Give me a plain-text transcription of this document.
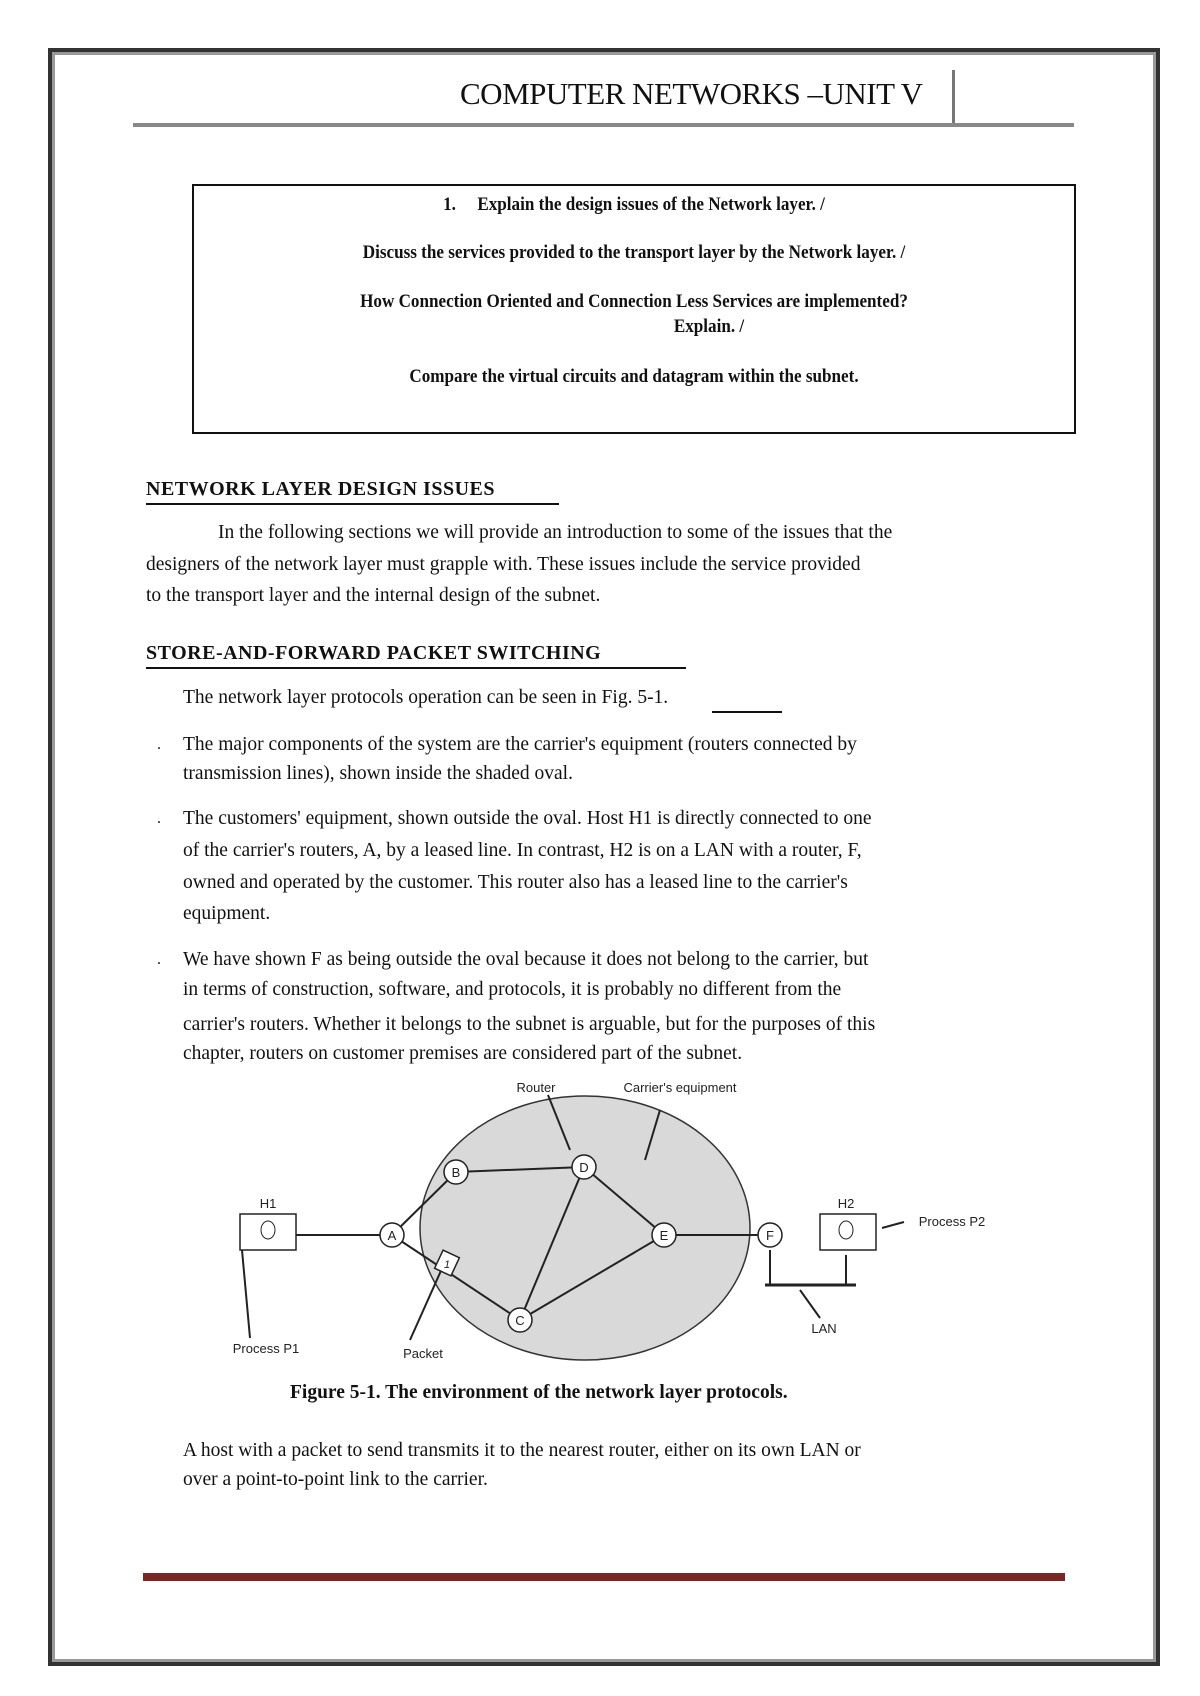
COMPUTER NETWORKS –UNIT V
1. Explain the design issues of the Network layer. /
Discuss the services provided to the transport layer by the Network layer. /
How Connection Oriented and Connection Less Services are implemented?
Explain. /
Compare the virtual circuits and datagram within the subnet.
NETWORK LAYER DESIGN ISSUES
In the following sections we will provide an introduction to some of the issues that the
designers of the network layer must grapple with. These issues include the service provided
to the transport layer and the internal design of the subnet.
STORE-AND-FORWARD PACKET SWITCHING
The network layer protocols operation can be seen in Fig. 5-1.
. The major components of the system are the carrier's equipment (routers connected by
transmission lines), shown inside the shaded oval.
. The customers' equipment, shown outside the oval. Host H1 is directly connected to one
of the carrier's routers, A, by a leased line. In contrast, H2 is on a LAN with a router, F,
owned and operated by the customer. This router also has a leased line to the carrier's
equipment.
. We have shown F as being outside the oval because it does not belong to the carrier, but
in terms of construction, software, and protocols, it is probably no different from the
carrier's routers. Whether it belongs to the subnet is arguable, but for the purposes of this
chapter, routers on customer premises are considered part of the subnet.
A
B	D
E
C
F
1
H1	H2
Router	Carrier's equipment
Process P1	Packet
LAN
Process P2
Figure 5-1. The environment of the network layer protocols.
A host with a packet to send transmits it to the nearest router, either on its own LAN or
over a point-to-point link to the carrier.
